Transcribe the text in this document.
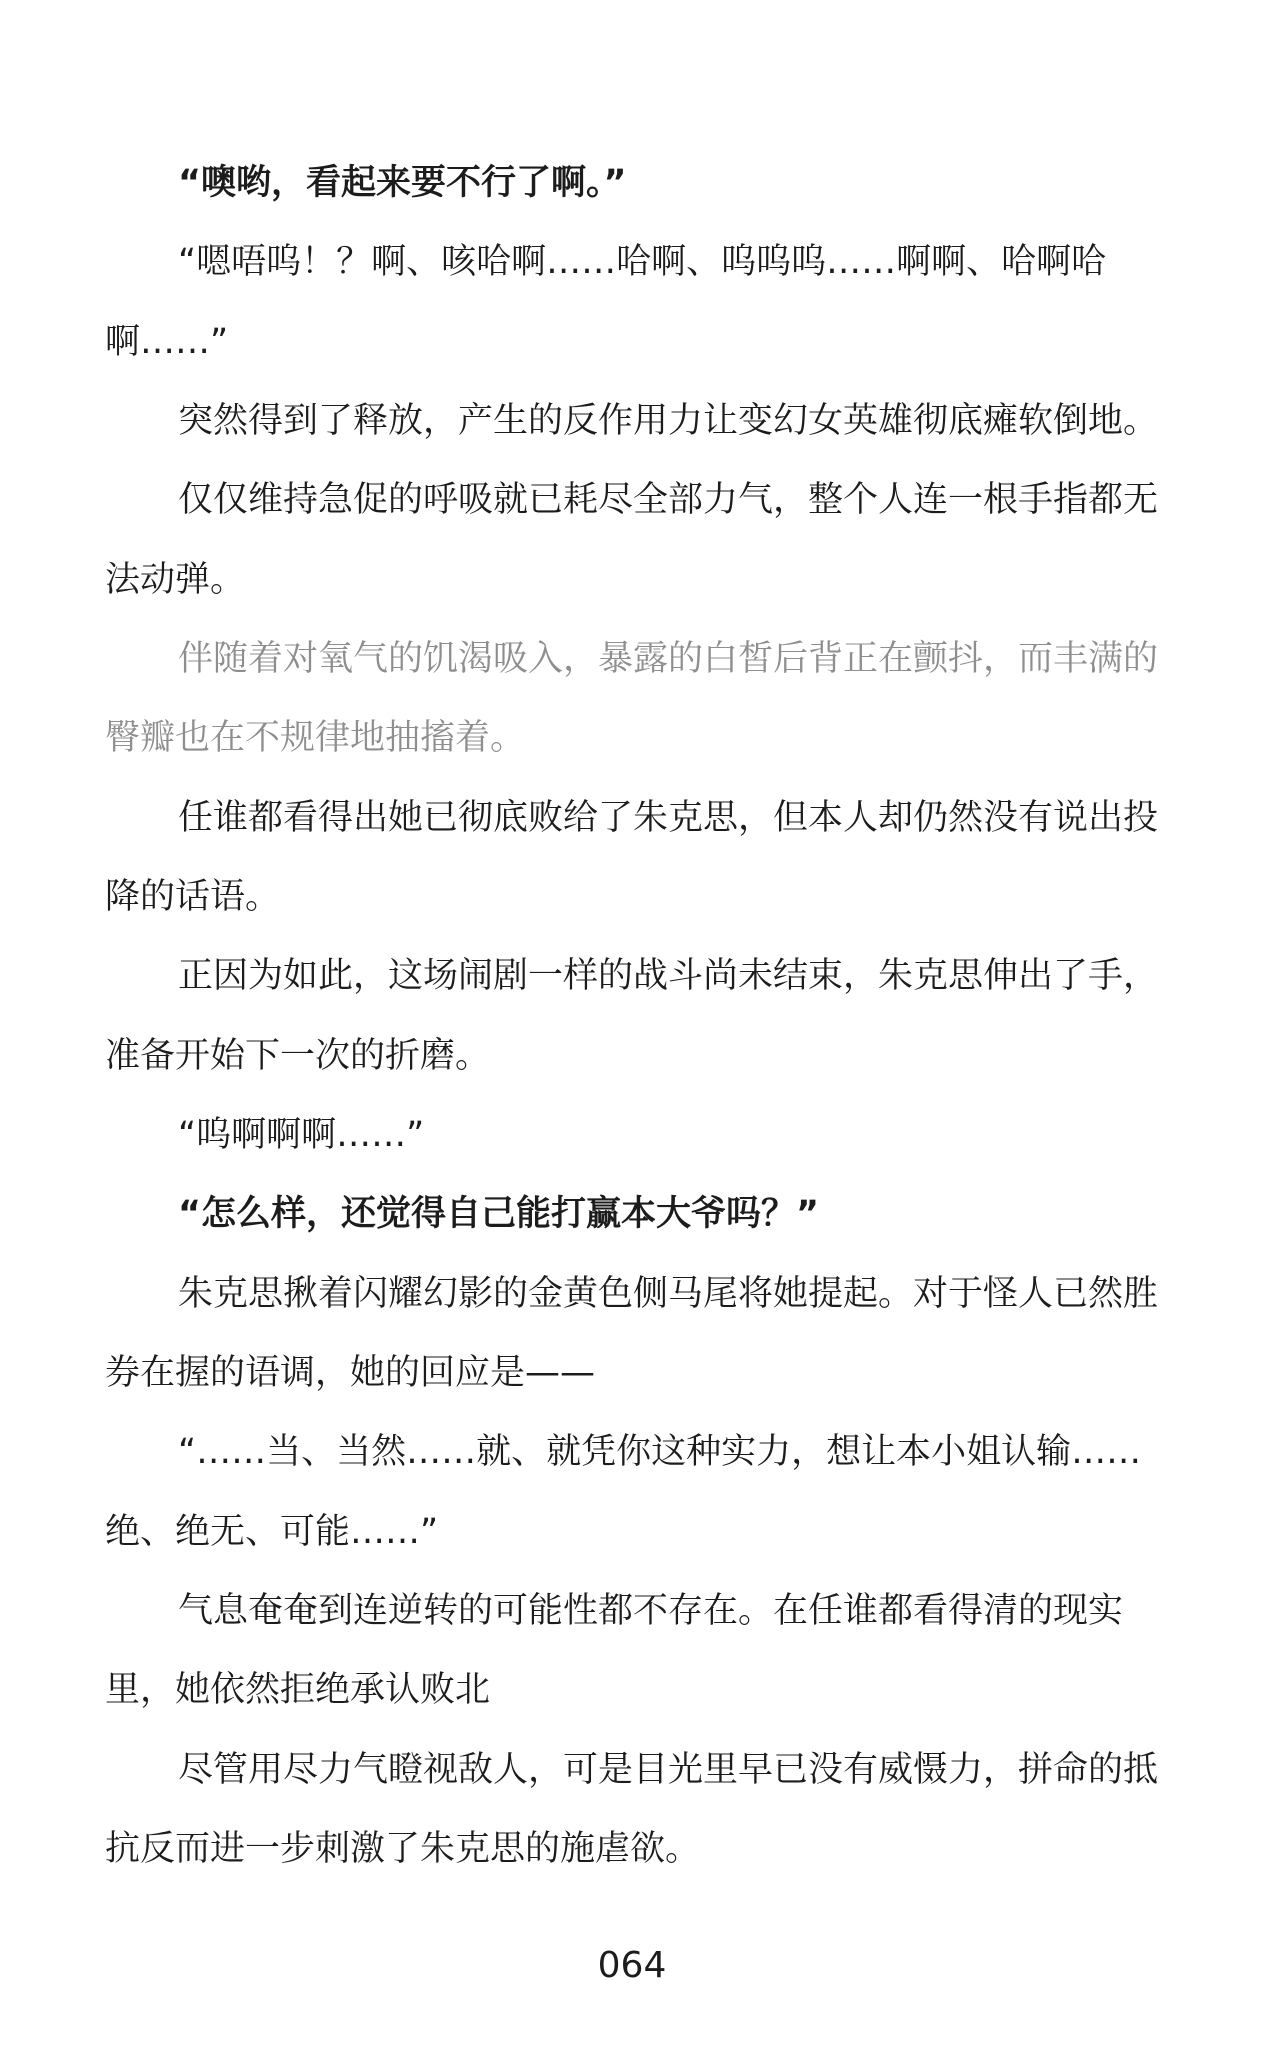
“噢哟，看起来要不行了啊。”
“嗯唔呜！？啊、咳哈啊……哈啊、呜呜呜……啊啊、哈啊哈
啊……”
突然得到了释放，产生的反作用力让变幻女英雄彻底瘫软倒地。
仅仅维持急促的呼吸就已耗尽全部力气，整个人连一根手指都无
法动弹。
伴随着对氧气的饥渴吸入，暴露的白皙后背正在颤抖，而丰满的
臀瓣也在不规律地抽搐着。
任谁都看得出她已彻底败给了朱克思，但本人却仍然没有说出投
降的话语。
正因为如此，这场闹剧一样的战斗尚未结束，朱克思伸出了手，
准备开始下一次的折磨。
“呜啊啊啊……”
“怎么样，还觉得自己能打赢本大爷吗？”
朱克思揪着闪耀幻影的金黄色侧马尾将她提起。对于怪人已然胜
券在握的语调，她的回应是——
“……当、当然……就、就凭你这种实力，想让本小姐认输……
绝、绝无、可能……”
气息奄奄到连逆转的可能性都不存在。在任谁都看得清的现实
里，她依然拒绝承认败北
尽管用尽力气瞪视敌人，可是目光里早已没有威慑力，拼命的抵
抗反而进一步刺激了朱克思的施虐欲。
064
